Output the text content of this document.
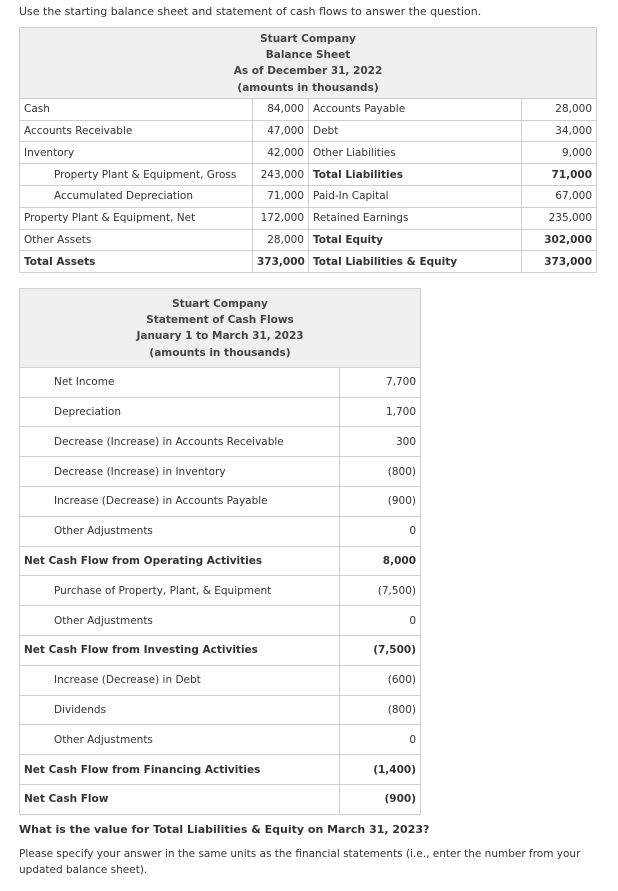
Use the starting balance sheet and statement of cash flows to answer the question.
Stuart Company
Balance Sheet
As of December 31, 2022
(amounts in thousands)			

Cash	84,000	Accounts Payable	28,000
Accounts Receivable	47,000	Debt	34,000
Inventory	42,000	Other Liabilities	9,000
Property Plant & Equipment, Gross	243,000	Total Liabilities	71,000
Accumulated Depreciation	71,000	Paid-In Capital	67,000
Property Plant & Equipment, Net	172,000	Retained Earnings	235,000
Other Assets	28,000	Total Equity	302,000
Total Assets	373,000	Total Liabilities & Equity	373,000
Stuart Company
Statement of Cash Flows
January 1 to March 31, 2023
(amounts in thousands)	

Net Income	7,700
Depreciation	1,700
Decrease (Increase) in Accounts Receivable	300
Decrease (Increase) in Inventory	(800)
Increase (Decrease) in Accounts Payable	(900)
Other Adjustments	0
Net Cash Flow from Operating Activities	8,000
Purchase of Property, Plant, & Equipment	(7,500)
Other Adjustments	0
Net Cash Flow from Investing Activities	(7,500)
Increase (Decrease) in Debt	(600)
Dividends	(800)
Other Adjustments	0
Net Cash Flow from Financing Activities	(1,400)
Net Cash Flow	(900)
What is the value for Total Liabilities & Equity on March 31, 2023?
Please specify your answer in the same units as the financial statements (i.e., enter the number from your updated balance sheet).
